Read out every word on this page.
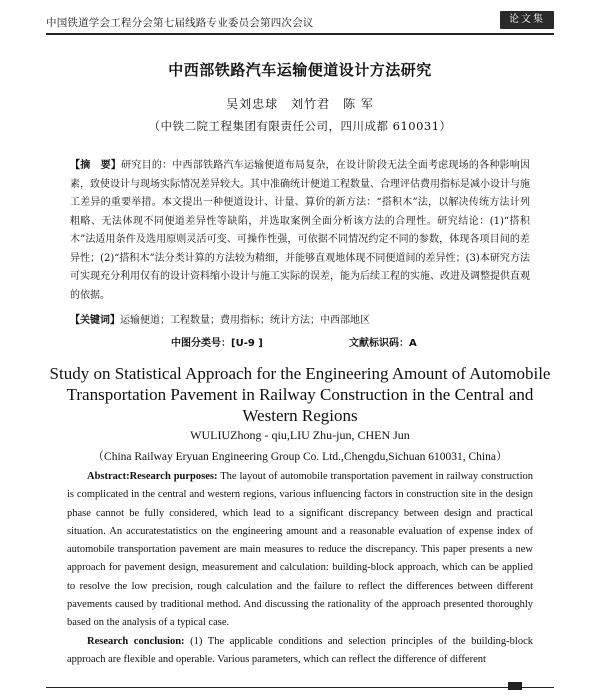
中国铁道学会工程分会第七届线路专业委员会第四次会议	论文集
中西部铁路汽车运输便道设计方法研究
吴刘忠球　刘竹君　陈 军
（中铁二院工程集团有限责任公司，四川成都 610031）
【摘　要】研究目的：中西部铁路汽车运输便道布局复杂，在设计阶段无法全面考虑现场的各种影响因素，致使设计与现场实际情况差异较大。其中准确统计便道工程数量、合理评估费用指标是减小设计与施工差异的重要举措。本文提出一种便道设计、计量、算价的新方法：“搭积木”法，以解决传统方法计列粗略、无法体现不同便道差异性等缺陷，并选取案例全面分析该方法的合理性。研究结论：(1)“搭积木”法适用条件及选用原则灵活可变、可操作性强，可依据不同情况约定不同的参数，体现各项目间的差异性；(2)“搭积木”法分类计算的方法较为精细，并能够直观地体现不同便道间的差异性；(3)本研究方法可实现充分利用仅有的设计资料缩小设计与施工实际的误差，能为后续工程的实施、改进及调整提供直观的依据。
【关键词】运输便道；工程数量；费用指标；统计方法；中西部地区
中图分类号：[U-9 ]	文献标识码：A
Study on Statistical Approach for the Engineering Amount of Automobile Transportation Pavement in Railway Construction in the Central and Western Regions
WULIUZhong - qiu,LIU Zhu-jun, CHEN Jun
（China Railway Eryuan Engineering Group Co. Ltd.,Chengdu,Sichuan 610031, China）

Abstract:Research purposes: The layout of automobile transportation pavement in railway construction is complicated in the central and western regions, various influencing factors in construction site in the design phase cannot be fully considered, which lead to a significant discrepancy between design and practical situation. An accuratestatistics on the engineering amount and a reasonable evaluation of expense index of automobile transportation pavement are main measures to reduce the discrepancy. This paper presents a new approach for pavement design, measurement and calculation: building-block approach, which can be applied to resolve the low precision, rough calculation and the failure to reflect the differences between different pavements caused by traditional method. And discussing the rationality of the approach presented thoroughly based on the analysis of a typical case.

Research conclusion: (1) The applicable conditions and selection principles of the building-block approach are flexible and operable. Various parameters, which can reflect the difference of different
